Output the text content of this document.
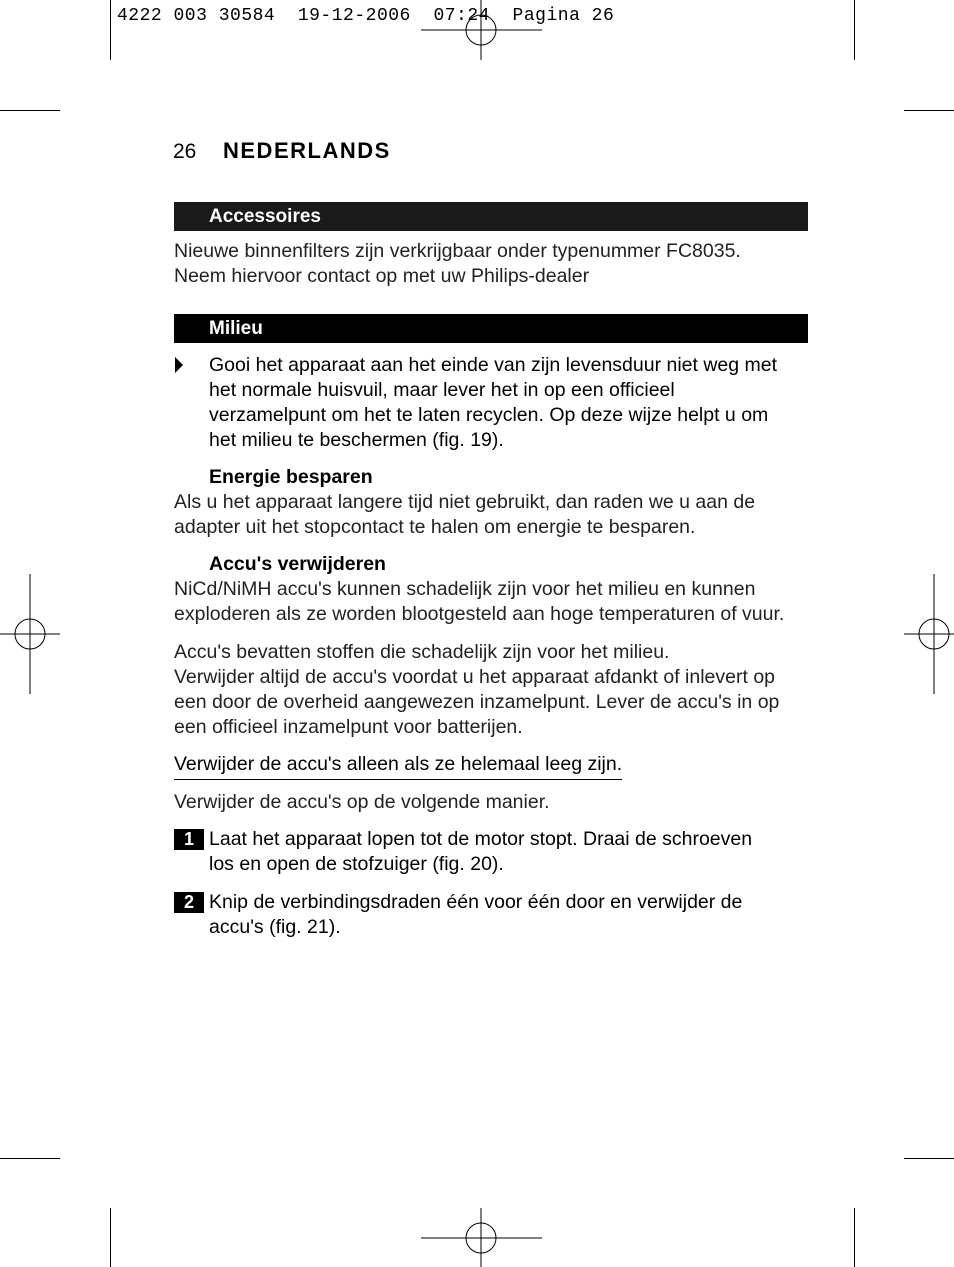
4222 003 30584  19-12-2006  07:24  Pagina 26
26 NEDERLANDS
Accessoires
Nieuwe binnenfilters zijn verkrijgbaar onder typenummer FC8035.
Neem hiervoor contact op met uw Philips-dealer
Milieu
Gooi het apparaat aan het einde van zijn levensduur niet weg met
het normale huisvuil, maar lever het in op een officieel
verzamelpunt om het te laten recyclen. Op deze wijze helpt u om
het milieu te beschermen (fig. 19).
Energie besparen
Als u het apparaat langere tijd niet gebruikt, dan raden we u aan de
adapter uit het stopcontact te halen om energie te besparen.
Accu's verwijderen
NiCd/NiMH accu's kunnen schadelijk zijn voor het milieu en kunnen
exploderen als ze worden blootgesteld aan hoge temperaturen of vuur.
Accu's bevatten stoffen die schadelijk zijn voor het milieu.
Verwijder altijd de accu's voordat u het apparaat afdankt of inlevert op
een door de overheid aangewezen inzamelpunt. Lever de accu's in op
een officieel inzamelpunt voor batterijen.
Verwijder de accu's alleen als ze helemaal leeg zijn.
Verwijder de accu's op de volgende manier.
1 Laat het apparaat lopen tot de motor stopt. Draai de schroeven
los en open de stofzuiger (fig. 20).
2 Knip de verbindingsdraden één voor één door en verwijder de
accu's (fig. 21).
